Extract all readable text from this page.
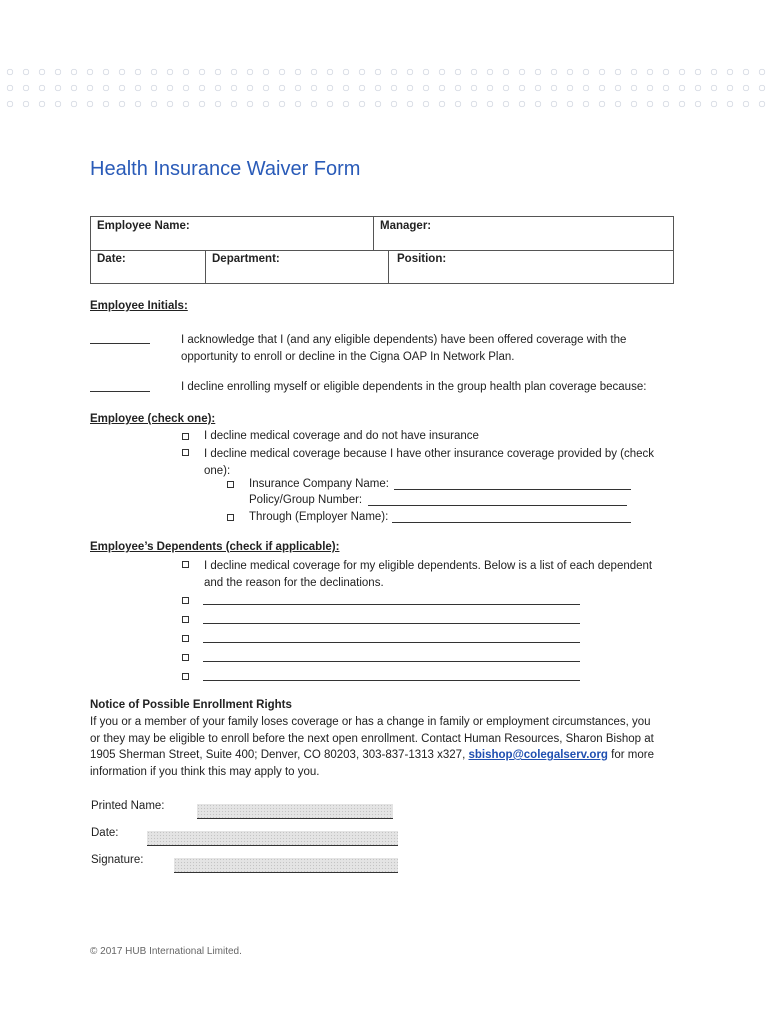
Health Insurance Waiver Form
Employee Name:	Manager:
Date:	Department:	Position:
Employee Initials:
I acknowledge that I (and any eligible dependents) have been offered coverage with the
opportunity to enroll or decline in the Cigna OAP In Network Plan.
I decline enrolling myself or eligible dependents in the group health plan coverage because:
Employee (check one):
I decline medical coverage and do not have insurance
I decline medical coverage because I have other insurance coverage provided by (check
one):
Insurance Company Name:
Policy/Group Number:
Through (Employer Name):
Employee’s Dependents (check if applicable):
I decline medical coverage for my eligible dependents. Below is a list of each dependent
and the reason for the declinations.
Notice of Possible Enrollment Rights
If you or a member of your family loses coverage or has a change in family or employment circumstances, you
or they may be eligible to enroll before the next open enrollment. Contact Human Resources, Sharon Bishop at
1905 Sherman Street, Suite 400; Denver, CO 80203, 303-837-1313 x327, sbishop@colegalserv.org for more
information if you think this may apply to you.
Printed Name:
Date:
Signature:
© 2017 HUB International Limited.
